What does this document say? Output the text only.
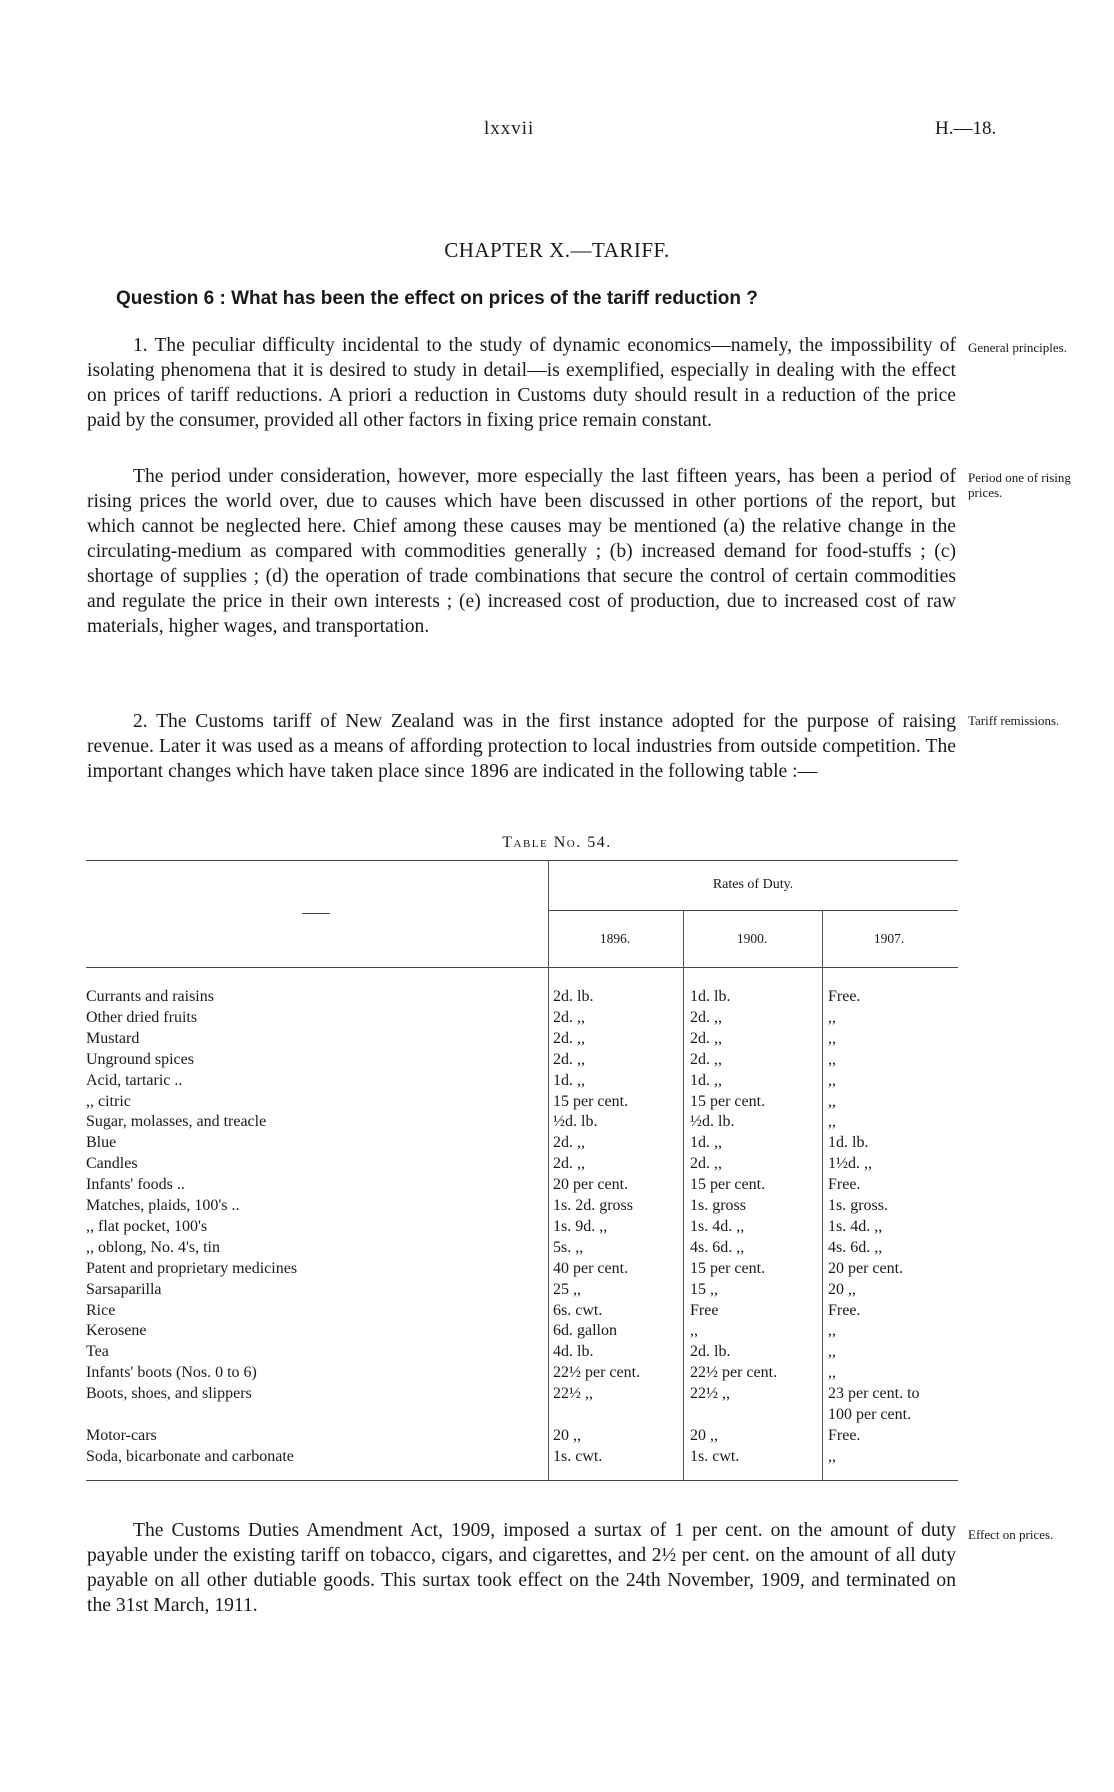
lxxvii	H.—18.
CHAPTER X.—TARIFF.
Question 6 : What has been the effect on prices of the tariff reduction ?

1. The peculiar difficulty incidental to the study of dynamic economics—namely, the impossibility of isolating phenomena that it is desired to study in detail—is exemplified, especially in dealing with the effect on prices of tariff reductions. A priori a reduction in Customs duty should result in a reduction of the price paid by the consumer, provided all other factors in fixing price remain constant.

The period under consideration, however, more especially the last fifteen years, has been a period of rising prices the world over, due to causes which have been discussed in other portions of the report, but which cannot be neglected here. Chief among these causes may be mentioned (a) the relative change in the circulating-medium as compared with commodities generally ; (b) increased demand for food-stuffs ; (c) shortage of supplies ; (d) the operation of trade combinations that secure the control of certain commodities and regulate the price in their own interests ; (e) increased cost of production, due to increased cost of raw materials, higher wages, and transportation.

2. The Customs tariff of New Zealand was in the first instance adopted for the purpose of raising revenue. Later it was used as a means of affording protection to local industries from outside competition. The important changes which have taken place since 1896 are indicated in the following table :—

General principles.
Period one of rising prices.
Tariff remissions.
Table No. 54.
Rates of Duty.
1896.	1900.	1907.
Currants and raisins	2d. lb.	1d. lb.	Free.
Other dried fruits	2d. ,,	2d. ,,	,,
Mustard	2d. ,,	2d. ,,	,,
Unground spices	2d. ,,	2d. ,,	,,
Acid, tartaric ..	1d. ,,	1d. ,,	,,
,, citric	15 per cent.	15 per cent.	,,
Sugar, molasses, and treacle	½d. lb.	½d. lb.	,,
Blue	2d. ,,	1d. ,,	1d. lb.
Candles	2d. ,,	2d. ,,	1½d. ,,
Infants' foods ..	20 per cent.	15 per cent.	Free.
Matches, plaids, 100's ..	1s. 2d. gross	1s. gross	1s. gross.
,, flat pocket, 100's	1s. 9d. ,,	1s. 4d. ,,	1s. 4d. ,,
,, oblong, No. 4's, tin	5s. ,,	4s. 6d. ,,	4s. 6d. ,,
Patent and proprietary medicines	40 per cent.	15 per cent.	20 per cent.
Sarsaparilla	25 ,,	15 ,,	20 ,,
Rice	6s. cwt.	Free	Free.
Kerosene	6d. gallon	,,	,,
Tea	4d. lb.	2d. lb.	,,
Infants' boots (Nos. 0 to 6)	22½ per cent.	22½ per cent.	,,
Boots, shoes, and slippers	22½ ,,	22½ ,,	23 per cent. to
100 per cent.
Motor-cars	20 ,,	20 ,,	Free.
Soda, bicarbonate and carbonate	1s. cwt.	1s. cwt.	,,

The Customs Duties Amendment Act, 1909, imposed a surtax of 1 per cent. on the amount of duty payable under the existing tariff on tobacco, cigars, and cigarettes, and 2½ per cent. on the amount of all duty payable on all other dutiable goods. This surtax took effect on the 24th November, 1909, and terminated on the 31st March, 1911.

Effect on prices.
